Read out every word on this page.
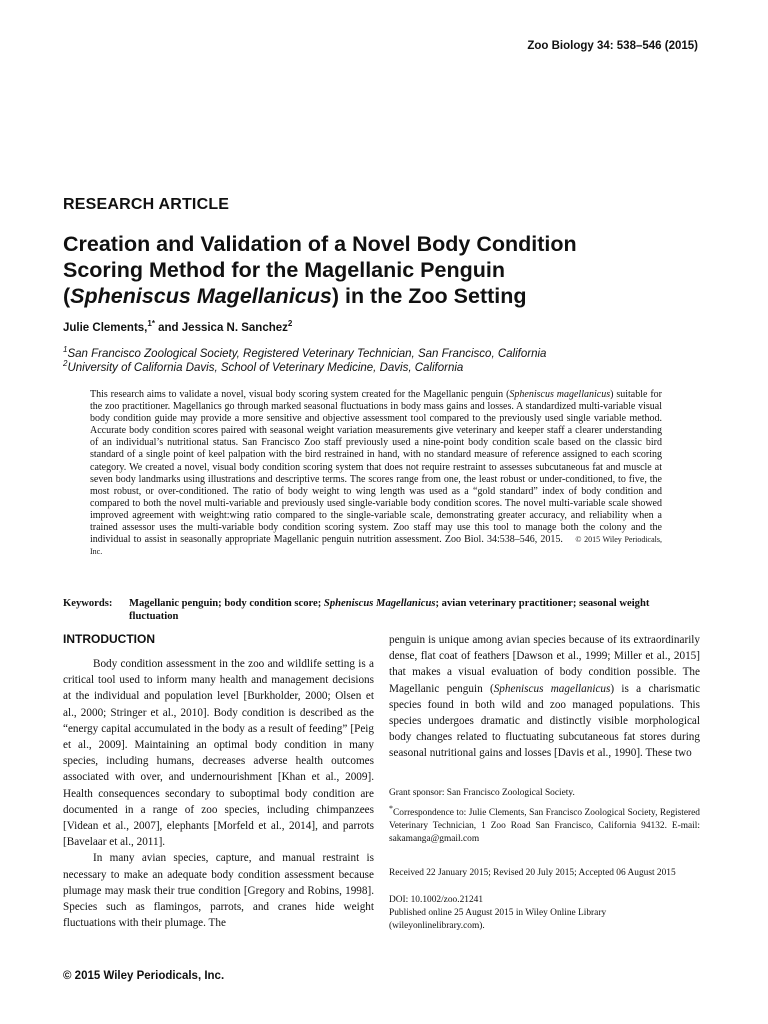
Zoo Biology 34: 538–546 (2015)
RESEARCH ARTICLE
Creation and Validation of a Novel Body Condition
Scoring Method for the Magellanic Penguin
(Spheniscus Magellanicus) in the Zoo Setting
Julie Clements,$^{1*}$ and Jessica N. Sanchez$^2$
$^1$San Francisco Zoological Society, Registered Veterinary Technician, San Francisco, California
$^2$University of California Davis, School of Veterinary Medicine, Davis, California
This research aims to validate a novel, visual body scoring system created for the Magellanic penguin (Spheniscus magellanicus) suitable for the zoo practitioner. Magellanics go through marked seasonal fluctuations in body mass gains and losses. A standardized multi-variable visual body condition guide may provide a more sensitive and objective assessment tool compared to the previously used single variable method. Accurate body condition scores paired with seasonal weight variation measurements give veterinary and keeper staff a clearer understanding of an individual’s nutritional status. San Francisco Zoo staff previously used a nine-point body condition scale based on the classic bird standard of a single point of keel palpation with the bird restrained in hand, with no standard measure of reference assigned to each scoring category. We created a novel, visual body condition scoring system that does not require restraint to assesses subcutaneous fat and muscle at seven body landmarks using illustrations and descriptive terms. The scores range from one, the least robust or under-conditioned, to five, the most robust, or over-conditioned. The ratio of body weight to wing length was used as a “gold standard” index of body condition and compared to both the novel multi-variable and previously used single-variable body condition scores. The novel multi-variable scale showed improved agreement with weight:wing ratio compared to the single-variable scale, demonstrating greater accuracy, and reliability when a trained assessor uses the multi-variable body condition scoring system. Zoo staff may use this tool to manage both the colony and the individual to assist in seasonally appropriate Magellanic penguin nutrition assessment. Zoo Biol. 34:538–546, 2015. © 2015 Wiley Periodicals, Inc.
Keywords: Magellanic penguin; body condition score; Spheniscus Magellanicus; avian veterinary practitioner; seasonal weight fluctuation
INTRODUCTION

Body condition assessment in the zoo and wildlife setting is a critical tool used to inform many health and management decisions at the individual and population level [Burkholder, 2000; Olsen et al., 2000; Stringer et al., 2010]. Body condition is described as the “energy capital accumulated in the body as a result of feeding” [Peig et al., 2009]. Maintaining an optimal body condition in many species, including humans, decreases adverse health outcomes associated with over, and undernourishment [Khan et al., 2009]. Health consequences secondary to suboptimal body condition are documented in a range of zoo species, including chimpanzees [Videan et al., 2007], elephants [Morfeld et al., 2014], and parrots [Bavelaar et al., 2011].

In many avian species, capture, and manual restraint is necessary to make an adequate body condition assessment because plumage may mask their true condition [Gregory and Robins, 1998]. Species such as flamingos, parrots, and cranes hide weight fluctuations with their plumage. The

penguin is unique among avian species because of its extraordinarily dense, flat coat of feathers [Dawson et al., 1999; Miller et al., 2015] that makes a visual evaluation of body condition possible. The Magellanic penguin (Spheniscus magellanicus) is a charismatic species found in both wild and zoo managed populations. This species undergoes dramatic and distinctly visible morphological body changes related to fluctuating subcutaneous fat stores during seasonal nutritional gains and losses [Davis et al., 1990]. These two

Grant sponsor: San Francisco Zoological Society.
*Correspondence to: Julie Clements, San Francisco Zoological Society, Registered Veterinary Technician, 1 Zoo Road San Francisco, California 94132. E-mail: sakamanga@gmail.com
Received 22 January 2015; Revised 20 July 2015; Accepted 06 August 2015
DOI: 10.1002/zoo.21241
Published online 25 August 2015 in Wiley Online Library (wileyonlinelibrary.com).
© 2015 Wiley Periodicals, Inc.
